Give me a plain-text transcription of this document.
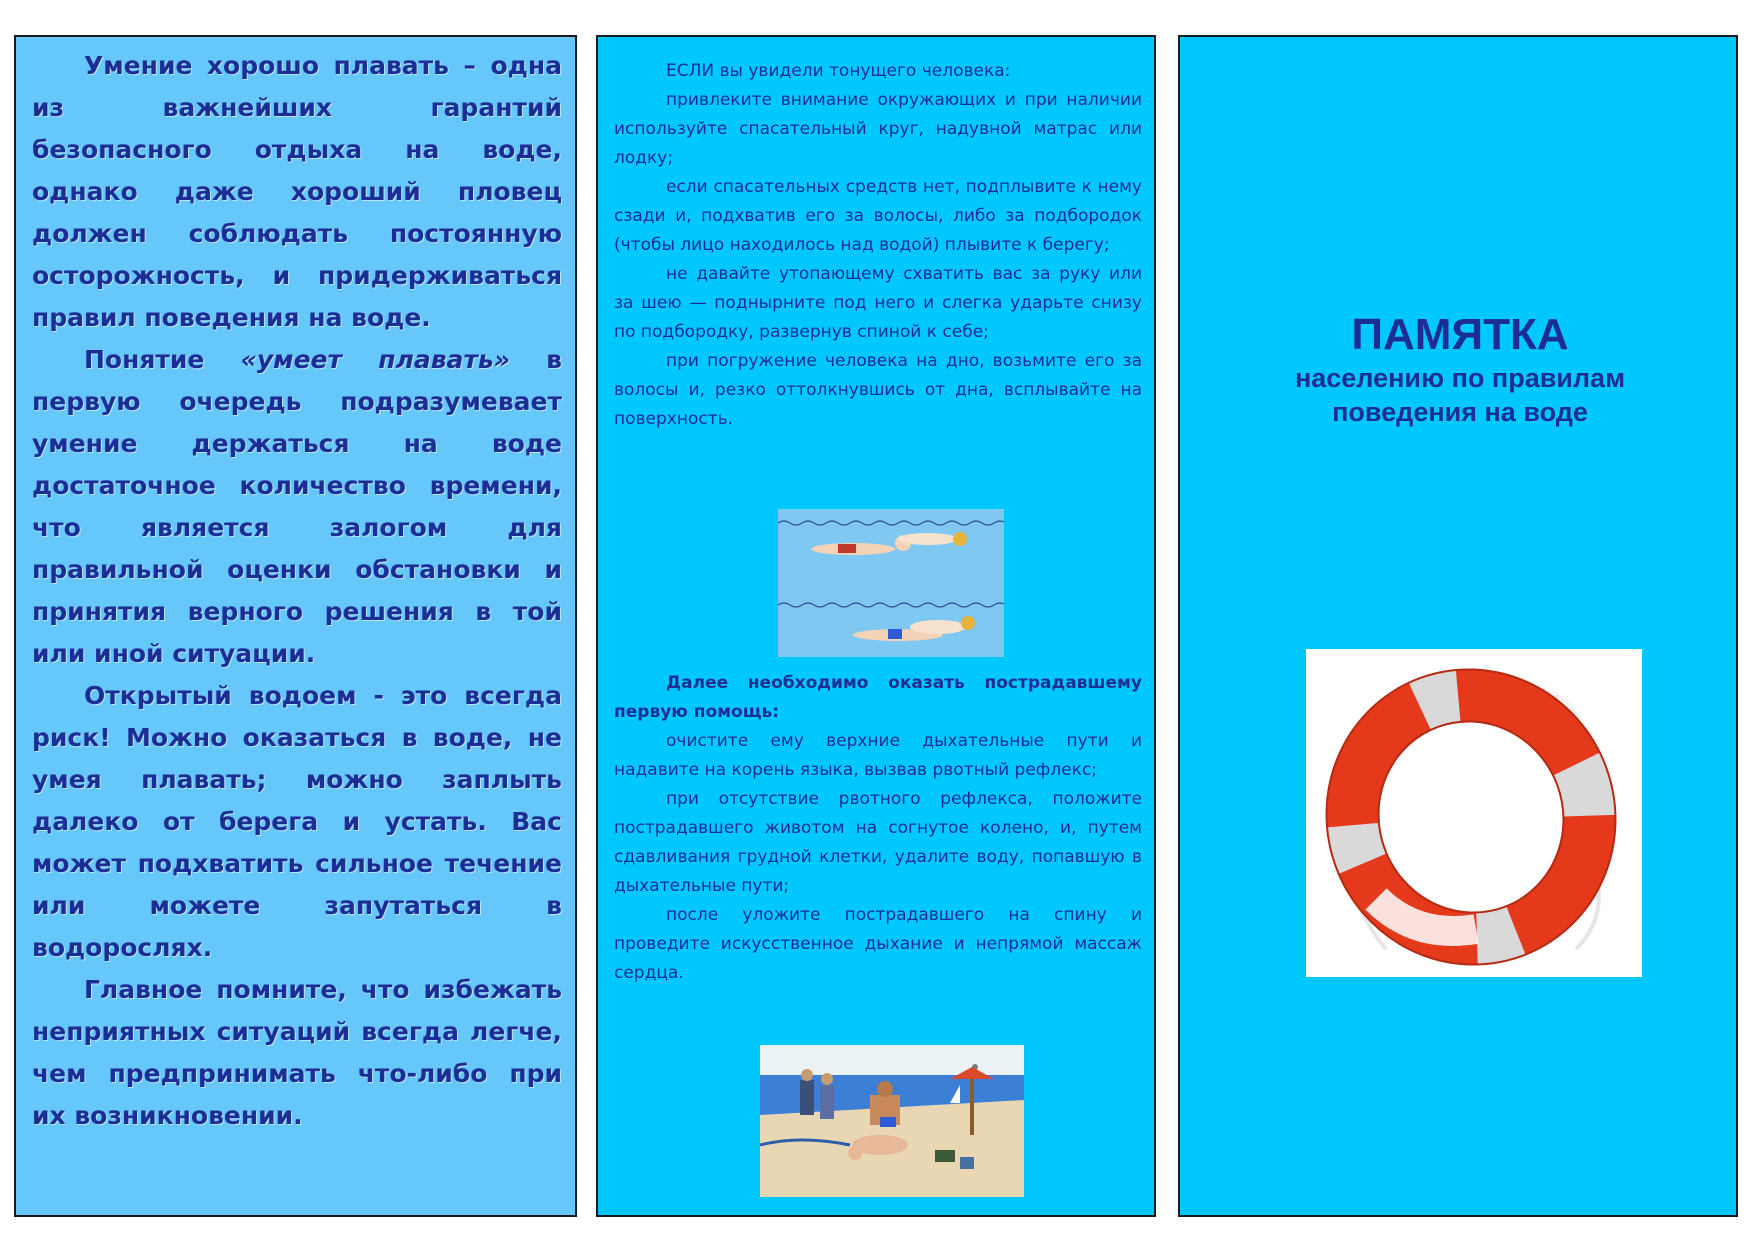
Умение хорошо плавать – одна из важнейших гарантий безопасного отдыха на воде, однако даже хороший пловец должен соблюдать постоянную осторожность, и придерживаться правил поведения на воде.

Понятие «умеет плавать» в первую очередь подразумевает умение держаться на воде достаточное количество времени, что является залогом для правильной оценки обстановки и принятия верного решения в той или иной ситуации.

Открытый водоем - это всегда риск! Можно оказаться в воде, не умея плавать; можно заплыть далеко от берега и устать. Вас может подхватить сильное течение или можете запутаться в водорослях.

Главное помните, что избежать неприятных ситуаций всегда легче, чем предпринимать что-либо при их возникновении.

ЕСЛИ вы увидели тонущего человека:

привлеките внимание окружающих и при наличии используйте спасательный круг, надувной матрас или лодку;

если спасательных средств нет, подплывите к нему сзади и, подхватив его за волосы, либо за подбородок (чтобы лицо находилось над водой) плывите к берегу;

не давайте утопающему схватить вас за руку или за шею — поднырните под него и слегка ударьте снизу по подбородку, развернув спиной к себе;

при погружение человека на дно, возьмите его за волосы и, резко оттолкнувшись от дна, всплывайте на поверхность.

Далее необходимо оказать пострадавшему первую помощь:

очистите ему верхние дыхательные пути и надавите на корень языка, вызвав рвотный рефлекс;

при отсутствие рвотного рефлекса, положите пострадавшего животом на согнутое колено, и, путем сдавливания грудной клетки, удалите воду, попавшую в дыхательные пути;

после уложите пострадавшего на спину и проведите искусственное дыхание и непрямой массаж сердца.

ПАМЯТКА
населению по правилам
поведения на воде
